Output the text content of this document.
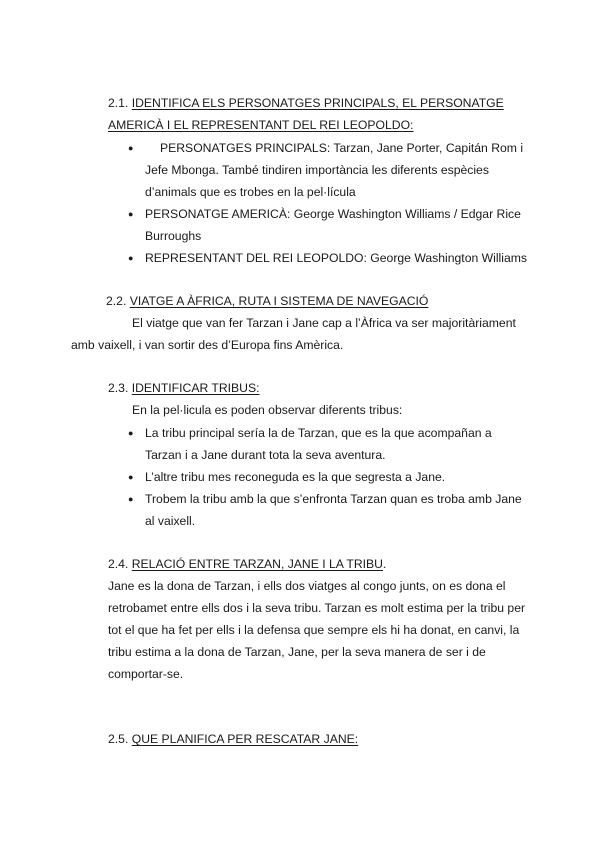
2.1. IDENTIFICA ELS PERSONATGES PRINCIPALS, EL PERSONATGE
AMERICÀ I EL REPRESENTANT DEL REI LEOPOLDO:
● PERSONATGES PRINCIPALS: Tarzan, Jane Porter, Capitán Rom i
Jefe Mbonga. També tindiren importància les diferents espècies
d’animals que es trobes en la pel·lícula
● PERSONATGE AMERICÀ: George Washington Williams / Edgar Rice
Burroughs
● REPRESENTANT DEL REI LEOPOLDO: George Washington Williams
2.2. VIATGE A ÀFRICA, RUTA I SISTEMA DE NAVEGACIÓ
El viatge que van fer Tarzan i Jane cap a l’Àfrica va ser majoritàriament
amb vaixell, i van sortir des d’Europa fins Amèrica.
2.3. IDENTIFICAR TRIBUS:
En la pel·licula es poden observar diferents tribus:
● La tribu principal sería la de Tarzan, que es la que acompañan a
Tarzan i a Jane durant tota la seva aventura.
● L’altre tribu mes reconeguda es la que segresta a Jane.
● Trobem la tribu amb la que s’enfronta Tarzan quan es troba amb Jane
al vaixell.
2.4. RELACIÓ ENTRE TARZAN, JANE I LA TRIBU.
Jane es la dona de Tarzan, i ells dos viatges al congo junts, on es dona el
retrobamet entre ells dos i la seva tribu. Tarzan es molt estima per la tribu per
tot el que ha fet per ells i la defensa que sempre els hi ha donat, en canvi, la
tribu estima a la dona de Tarzan, Jane, per la seva manera de ser i de
comportar-se.
2.5. QUE PLANIFICA PER RESCATAR JANE:
